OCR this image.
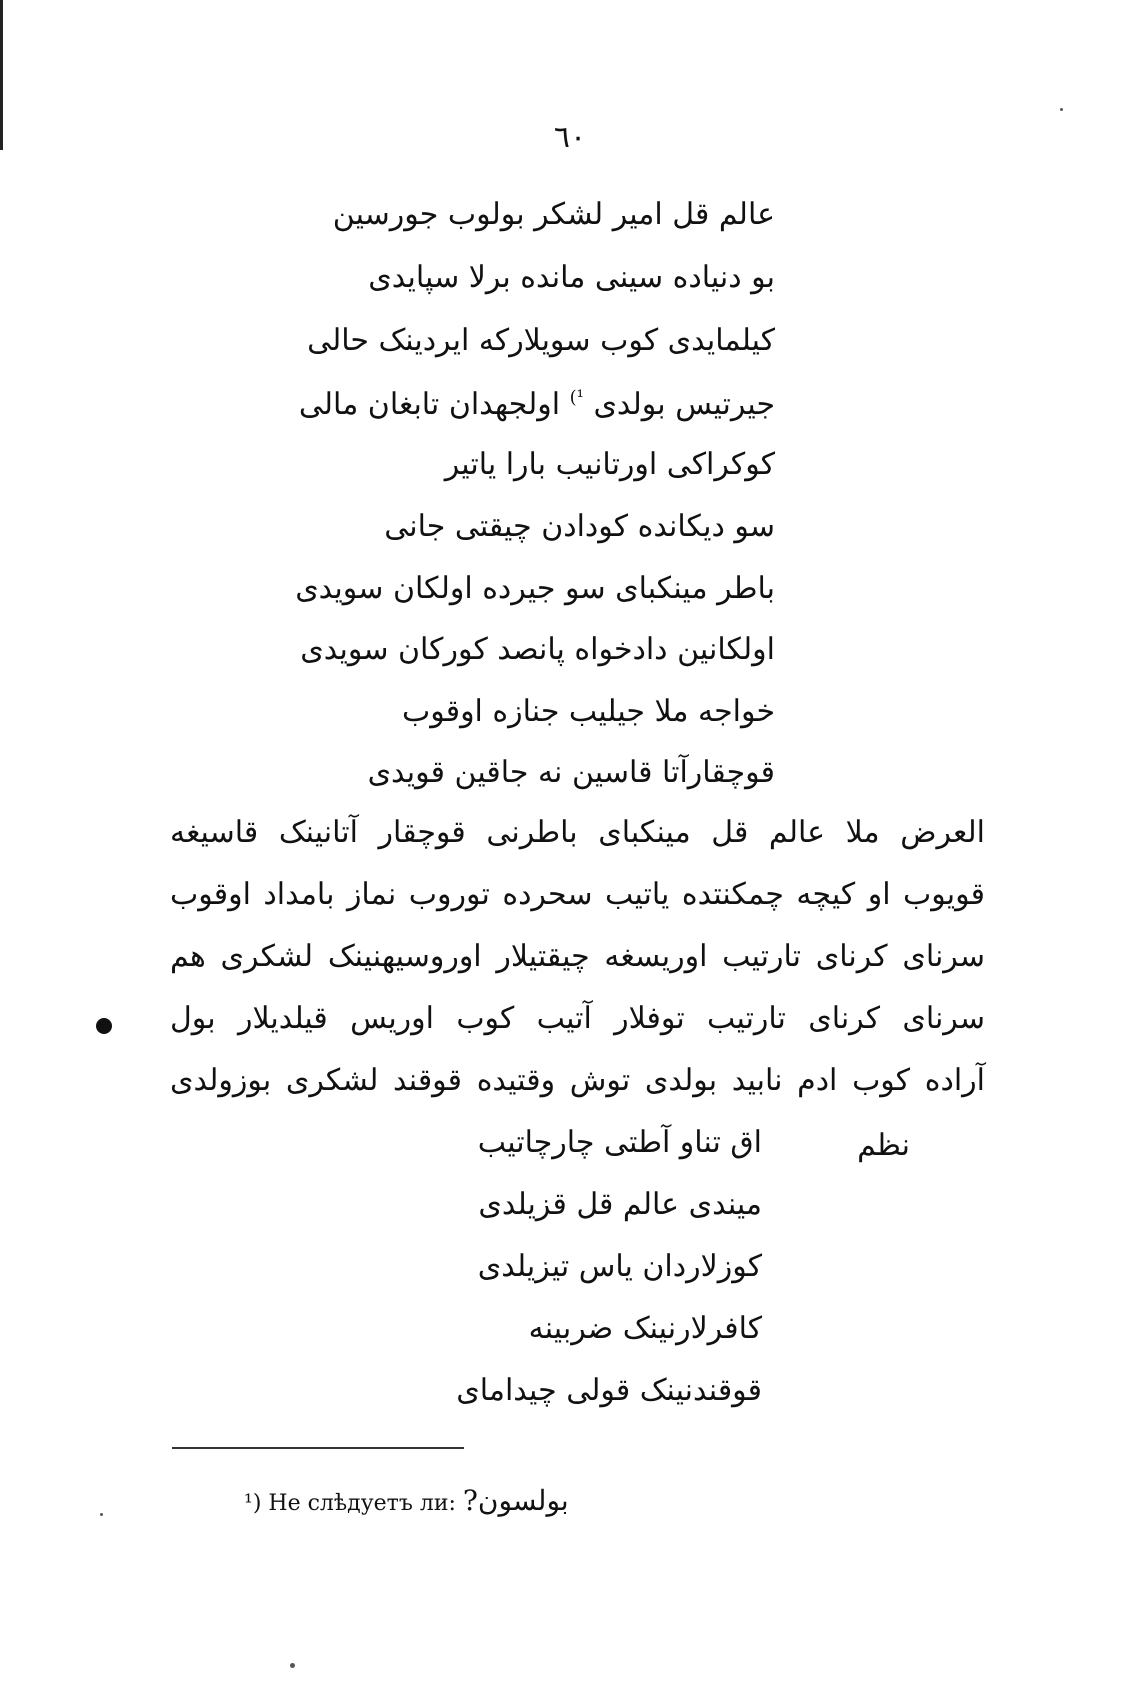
٦٠
عالم قل امیر لشکر بولوب جورسین
بو دنیاده سینی مانده برلا سپایدی
کیلمایدی کوب سویلارکه ایردینک حالی
جیرتیس بولدی $^{^1)}$ اولجهدان تابغان مالی
کوکراکی اورتانیب بارا یاتیر
سو دیکانده کودادن چیقتی جانی
باطر مینکبای سو جیرده اولکان سویدی
اولکانین دادخواه پانصد کورکان سویدی
خواجه ملا جیلیب جنازه اوقوب
قوچقارآتا قاسین نه جاقین قویدی
العرض ملا عالم قل مینکبای باطرنی قوچقار آتانینک قاسیغه
قویوب او کیچه چمکنتده یاتیب سحرده توروب نماز بامداد اوقوب
سرنای کرنای تارتیب اوریسغه چیقتیلار اوروسیهنینک لشکری هم
سرنای کرنای تارتیب توفلار آتیب کوب اوریس قیلدیلار بول
آراده کوب ادم نابید بولدی توش وقتیده قوقند لشکری بوزولدی
نظم
اق تناو آطتی چارچاتیب
میندی عالم قل قزیلدی
کوزلاردان یاس تیزیلدی
کافرلارنینک ضربینه
قوقندنینک قولی چیدامای
¹) Не слѣдуетъ ли: بولسون?
